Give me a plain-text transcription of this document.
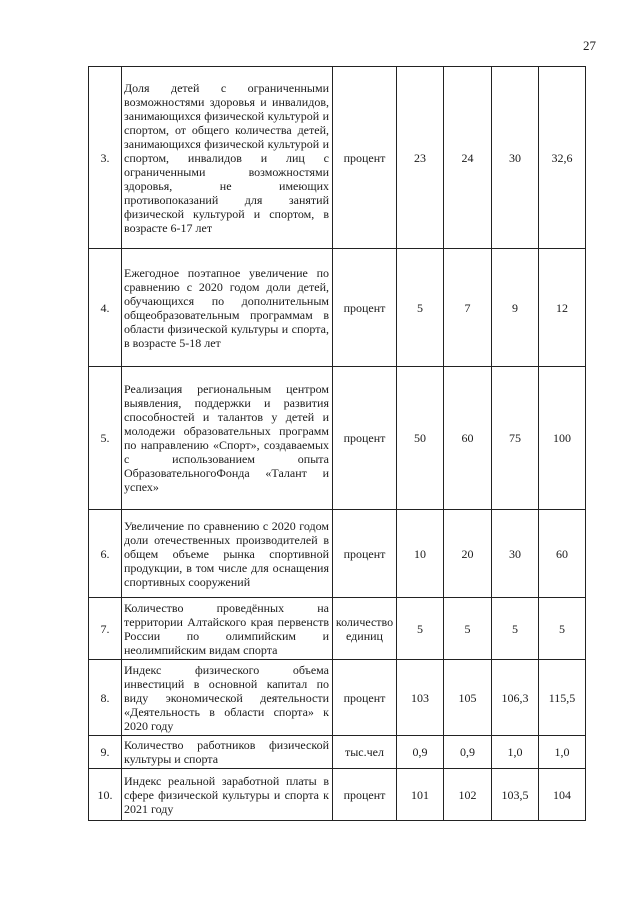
27
3.	Доля детей с ограниченными возможностями здоровья и инвалидов, занимающихся физической культурой и спортом, от общего количества детей, занимающихся физической культурой и спортом, инвалидов и лиц с ограниченными возможностями здоровья, не имеющих противопоказаний для занятий физической культурой и спортом, в возрасте 6-17 лет	процент	23	24	30	32,6
4.	Ежегодное поэтапное увеличение по сравнению с 2020 годом доли детей, обучающихся по дополнительным общеобразовательным программам в области физической культуры и спорта, в возрасте 5-18 лет	процент	5	7	9	12
5.	Реализация региональным центром выявления, поддержки и развития способностей и талантов у детей и молодежи образовательных программ по направлению «Спорт», создаваемых с использованием опыта ОбразовательногоФонда «Талант и успех»	процент	50	60	75	100
6.	Увеличение по сравнению с 2020 годом доли отечественных производителей в общем объеме рынка спортивной продукции, в том числе для оснащения спортивных сооружений	процент	10	20	30	60
7.	Количество проведённых на территории Алтайского края первенств России по олимпийским и неолимпийским видам спорта	количество единиц	5	5	5	5
8.	Индекс физического объема инвестиций в основной капитал по виду экономической деятельности «Деятельность в области спорта» к 2020 году	процент	103	105	106,3	115,5
9.	Количество работников физической культуры и спорта	тыс.чел	0,9	0,9	1,0	1,0
10.	Индекс реальной заработной платы в сфере физической культуры и спорта к 2021 году	процент	101	102	103,5	104
